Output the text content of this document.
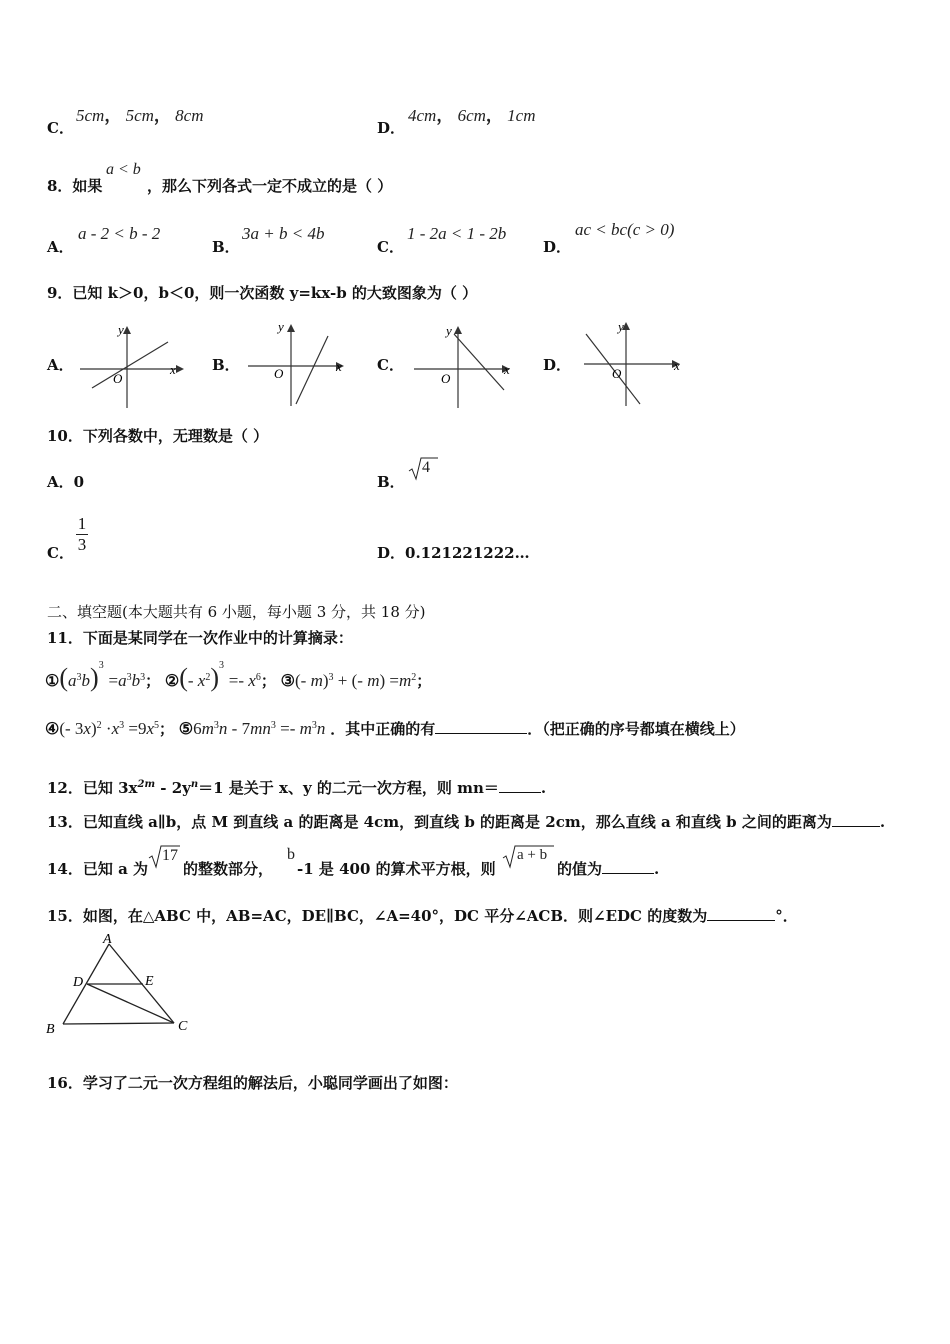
C．
5cm， 5cm， 8cm
D．
4cm， 6cm， 1cm
8．如果
a < b
，那么下列各式一定不成立的是（ ）
A．
a - 2 < b - 2
B．
3a + b < 4b
C．
1 - 2a < 1 - 2b
D．
ac < bc(c > 0)
9．已知 k＞0，b＜0，则一次函数 y=kx-b 的大致图象为（ ）
A．	x
y
O
B．	x
y
O	C．	x
y
O
D．	x
y
O
10．下列各数中，无理数是（ ）
A．0	B．
4
C．
1
3	D．0.121221222…
二、填空题(本大题共有 6 小题，每小题 3 分，共 18 分)
11．下面是某同学在一次作业中的计算摘录：
$①(a^3b)^3 =a^3b^3$； ②(- $x^2)^3 =- x^6$； ③(- m)$^3$ + (- $m) =m^2$；
④(- $3x)^2 \cdot x^3 =9x^5$； $⑤6m^3n - 7mn^3 =- m^3n$ ．其中正确的有	．（把正确的序号都填在横线上）
12．已知 $3x^{2m} - 2y^n=1$ 是关于 x、y 的二元一次方程，则 mn＝	.
13．已知直线 a∥b，点 M 到直线 a 的距离是 4cm，到直线 b 的距离是 2cm，那么直线 a 和直线 b 之间的距离为	.
14．已知 a 为
17
的整数部分，
b
-1 是 400 的算术平方根，则
a + b
的值为	.
15．如图，在△ABC 中，AB=AC，DE∥BC，∠A=40°，DC 平分∠ACB．则∠EDC 的度数为	°．
A
D	E
B	C
16．学习了二元一次方程组的解法后，小聪同学画出了如图：
